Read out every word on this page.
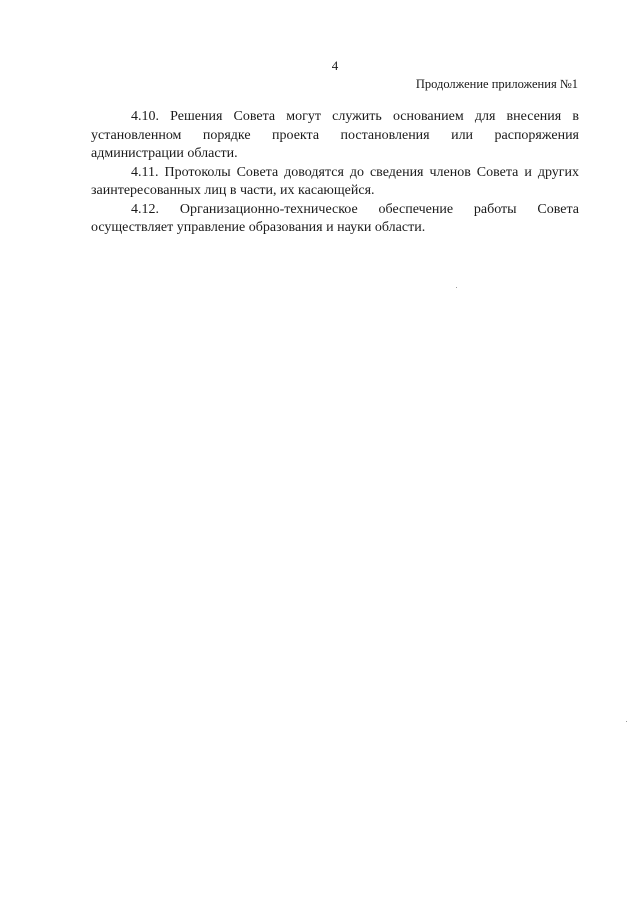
4
Продолжение приложения №1

4.10. Решения Совета могут служить основанием для внесения в установленном порядке проекта постановления или распоряжения администрации области.

4.11. Протоколы Совета доводятся до сведения членов Совета и других заинтересованных лиц в части, их касающейся.

4.12. Организационно-техническое обеспечение работы Совета осуществляет управление образования и науки области.
